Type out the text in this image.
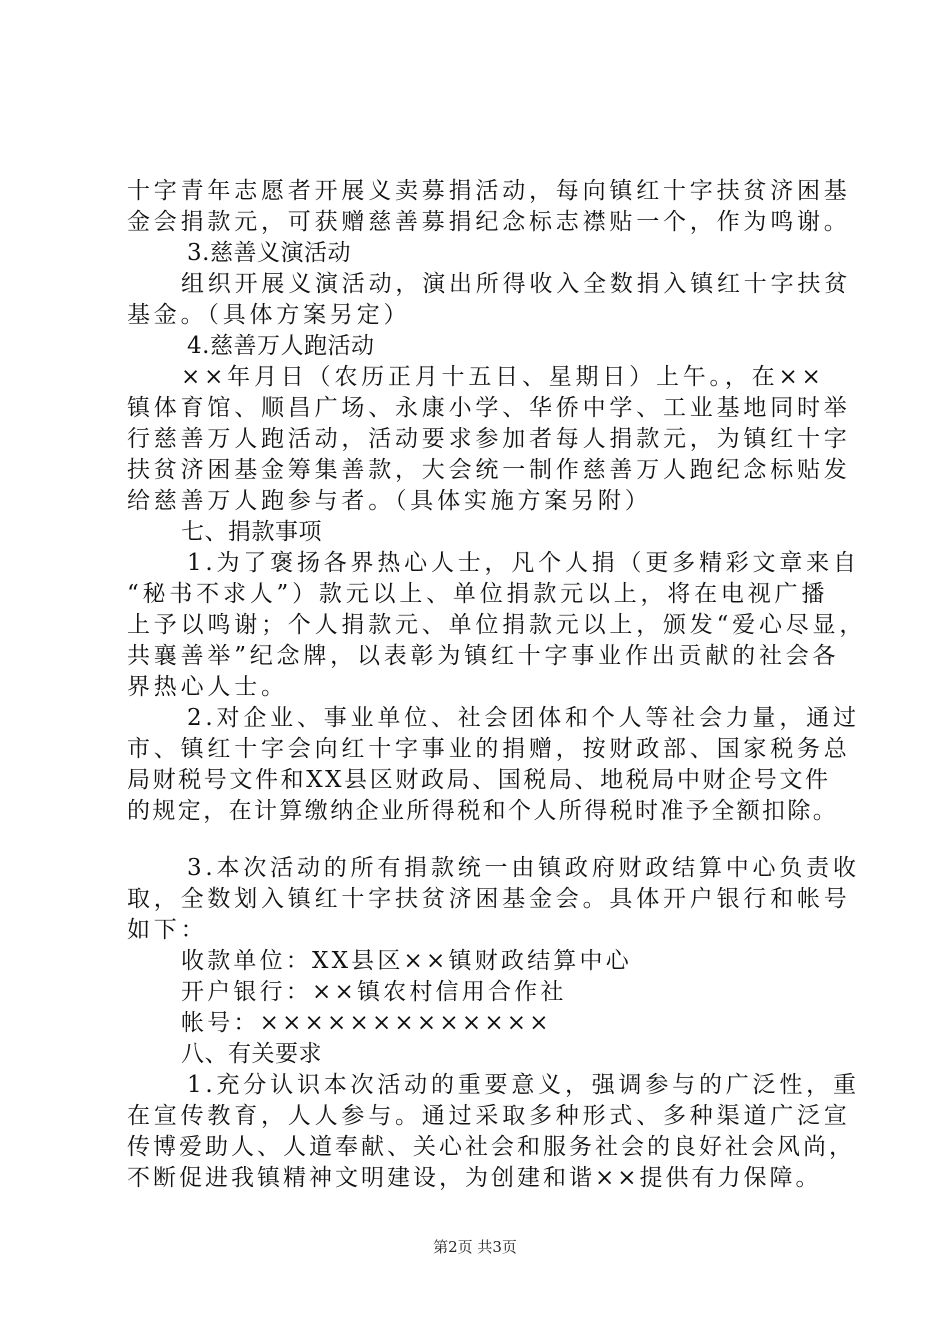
十字青年志愿者开展义卖募捐活动，每向镇红十字扶贫济困基
金会捐款元，可获赠慈善募捐纪念标志襟贴一个，作为鸣谢。
3.慈善义演活动
组织开展义演活动，演出所得收入全数捐入镇红十字扶贫
基金。（具体方案另定）
4.慈善万人跑活动
××年月日（农历正月十五日、星期日）上午。，在××
镇体育馆、顺昌广场、永康小学、华侨中学、工业基地同时举
行慈善万人跑活动，活动要求参加者每人捐款元，为镇红十字
扶贫济困基金筹集善款，大会统一制作慈善万人跑纪念标贴发
给慈善万人跑参与者。（具体实施方案另附）
七、捐款事项
1.为了褒扬各界热心人士，凡个人捐（更多精彩文章来自
“秘书不求人”）款元以上、单位捐款元以上，将在电视广播
上予以鸣谢；个人捐款元、单位捐款元以上，颁发“爱心尽显，
共襄善举”纪念牌，以表彰为镇红十字事业作出贡献的社会各
界热心人士。
2.对企业、事业单位、社会团体和个人等社会力量，通过
市、镇红十字会向红十字事业的捐赠，按财政部、国家税务总
局财税号文件和XX县区财政局、国税局、地税局中财企号文件
的规定，在计算缴纳企业所得税和个人所得税时准予全额扣除。
3.本次活动的所有捐款统一由镇政府财政结算中心负责收
取，全数划入镇红十字扶贫济困基金会。具体开户银行和帐号
如下：
收款单位：XX县区××镇财政结算中心
开户银行：××镇农村信用合作社
帐号：×××××××××××××
八、有关要求
1.充分认识本次活动的重要意义，强调参与的广泛性，重
在宣传教育，人人参与。通过采取多种形式、多种渠道广泛宣
传博爱助人、人道奉献、关心社会和服务社会的良好社会风尚，
不断促进我镇精神文明建设，为创建和谐××提供有力保障。
第2页 共3页
